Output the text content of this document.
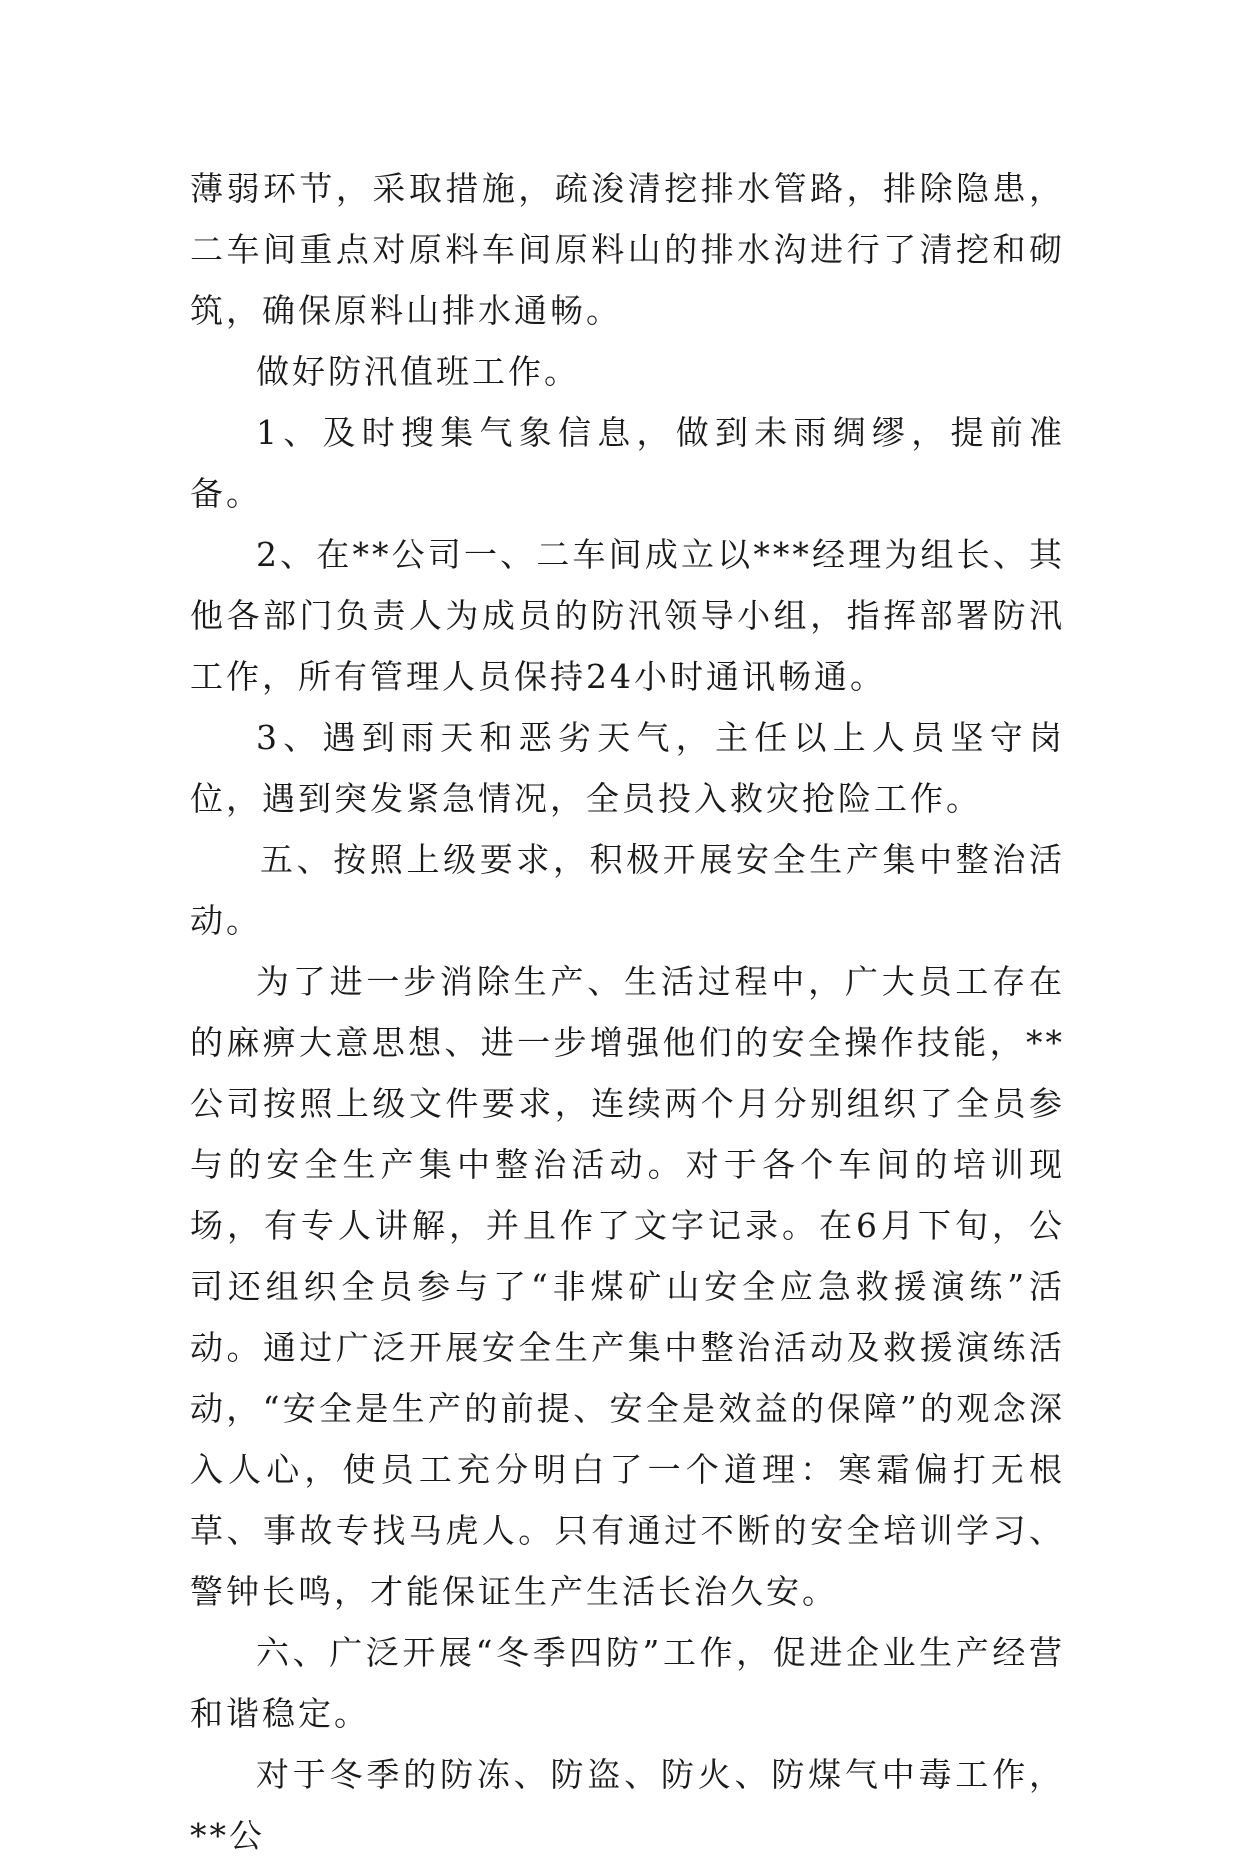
薄弱环节，采取措施，疏浚清挖排水管路，排除隐患，二车间重点对原料车间原料山的排水沟进行了清挖和砌筑，确保原料山排水通畅。

做好防汛值班工作。

1、及时搜集气象信息，做到未雨绸缪，提前准备。

2、在**公司一、二车间成立以***经理为组长、其他各部门负责人为成员的防汛领导小组，指挥部署防汛工作，所有管理人员保持24小时通讯畅通。

3、遇到雨天和恶劣天气，主任以上人员坚守岗位，遇到突发紧急情况，全员投入救灾抢险工作。

五、按照上级要求，积极开展安全生产集中整治活动。

为了进一步消除生产、生活过程中，广大员工存在的麻痹大意思想、进一步增强他们的安全操作技能，**公司按照上级文件要求，连续两个月分别组织了全员参与的安全生产集中整治活动。对于各个车间的培训现场，有专人讲解，并且作了文字记录。在6月下旬，公司还组织全员参与了“非煤矿山安全应急救援演练”活动。通过广泛开展安全生产集中整治活动及救援演练活动，“安全是生产的前提、安全是效益的保障”的观念深入人心，使员工充分明白了一个道理：寒霜偏打无根草、事故专找马虎人。只有通过不断的安全培训学习、警钟长鸣，才能保证生产生活长治久安。

六、广泛开展“冬季四防”工作，促进企业生产经营和谐稳定。

对于冬季的防冻、防盗、防火、防煤气中毒工作，**公
